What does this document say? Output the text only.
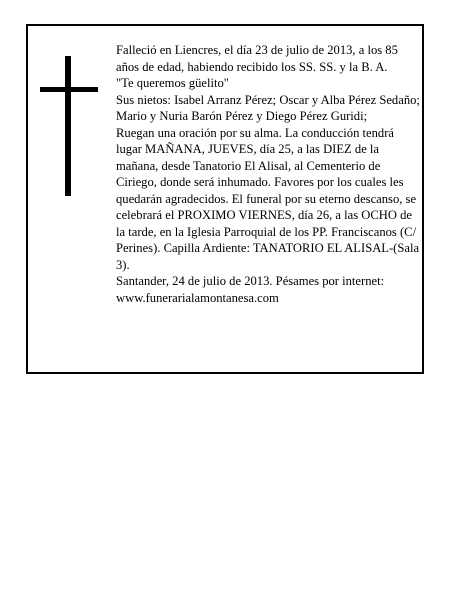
Falleció en Liencres, el día 23 de julio de 2013, a los 85 años de edad, habiendo recibido los SS. SS. y la B. A.

"Te queremos güelito"

Sus nietos: Isabel Arranz Pérez; Oscar y Alba Pérez Sedaño; Mario y Nuria Barón Pérez y Diego Pérez Guridi;

Ruegan una oración por su alma. La conducción tendrá lugar MAÑANA, JUEVES, día 25, a las DIEZ de la mañana, desde Tanatorio El Alisal, al Cementerio de Ciriego, donde será inhumado. Favores por los cuales les quedarán agradecidos. El funeral por su eterno descanso, se celebrará el PROXIMO VIERNES, día 26, a las OCHO de la tarde, en la Iglesia Parroquial de los PP. Franciscanos (C/ Perines). Capilla Ardiente: TANATORIO EL ALISAL-(Sala 3).

Santander, 24 de julio de 2013. Pésames por internet: www.funerarialamontanesa.com
